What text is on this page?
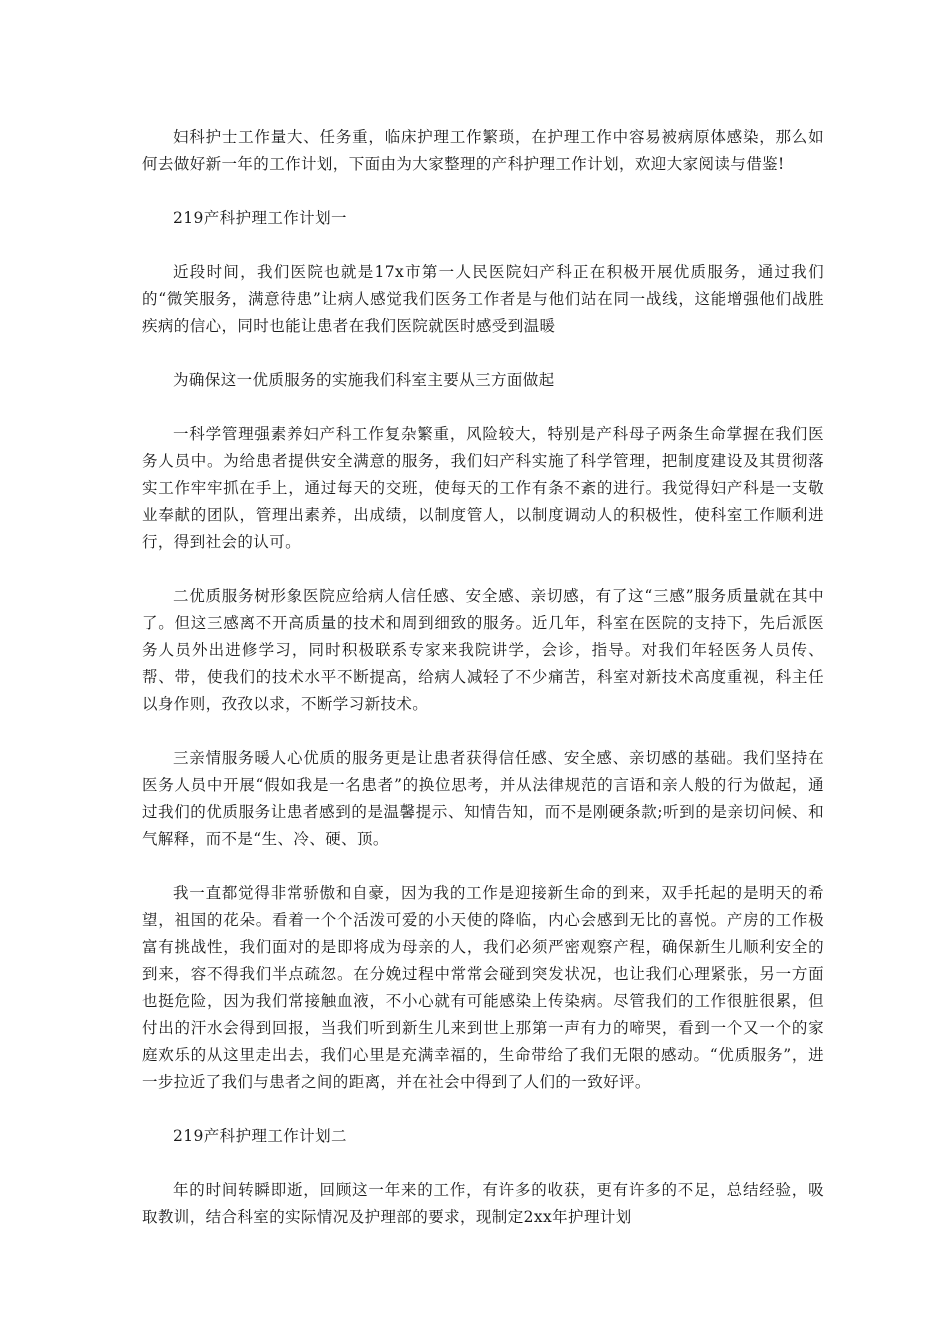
妇科护士工作量大、任务重，临床护理工作繁琐，在护理工作中容易被病原体感染，那么如何去做好新一年的工作计划，下面由为大家整理的产科护理工作计划，欢迎大家阅读与借鉴!

219产科护理工作计划一

近段时间，我们医院也就是17x市第一人民医院妇产科正在积极开展优质服务，通过我们的“微笑服务，满意待患”让病人感觉我们医务工作者是与他们站在同一战线，这能增强他们战胜疾病的信心，同时也能让患者在我们医院就医时感受到温暖

为确保这一优质服务的实施我们科室主要从三方面做起

一科学管理强素养妇产科工作复杂繁重，风险较大，特别是产科母子两条生命掌握在我们医务人员中。为给患者提供安全满意的服务，我们妇产科实施了科学管理，把制度建设及其贯彻落实工作牢牢抓在手上，通过每天的交班，使每天的工作有条不紊的进行。我觉得妇产科是一支敬业奉献的团队，管理出素养，出成绩，以制度管人，以制度调动人的积极性，使科室工作顺利进行，得到社会的认可。

二优质服务树形象医院应给病人信任感、安全感、亲切感，有了这“三感”服务质量就在其中了。但这三感离不开高质量的技术和周到细致的服务。近几年，科室在医院的支持下，先后派医务人员外出进修学习，同时积极联系专家来我院讲学，会诊，指导。对我们年轻医务人员传、帮、带，使我们的技术水平不断提高，给病人减轻了不少痛苦，科室对新技术高度重视，科主任以身作则，孜孜以求，不断学习新技术。

三亲情服务暖人心优质的服务更是让患者获得信任感、安全感、亲切感的基础。我们坚持在医务人员中开展“假如我是一名患者”的换位思考，并从法律规范的言语和亲人般的行为做起，通过我们的优质服务让患者感到的是温馨提示、知情告知，而不是刚硬条款;听到的是亲切问候、和气解释，而不是“生、冷、硬、顶。

我一直都觉得非常骄傲和自豪，因为我的工作是迎接新生命的到来，双手托起的是明天的希望，祖国的花朵。看着一个个活泼可爱的小天使的降临，内心会感到无比的喜悦。产房的工作极富有挑战性，我们面对的是即将成为母亲的人，我们必须严密观察产程，确保新生儿顺利安全的到来，容不得我们半点疏忽。在分娩过程中常常会碰到突发状况，也让我们心理紧张，另一方面也挺危险，因为我们常接触血液，不小心就有可能感染上传染病。尽管我们的工作很脏很累，但付出的汗水会得到回报，当我们听到新生儿来到世上那第一声有力的啼哭，看到一个又一个的家庭欢乐的从这里走出去，我们心里是充满幸福的，生命带给了我们无限的感动。“优质服务”，进一步拉近了我们与患者之间的距离，并在社会中得到了人们的一致好评。

219产科护理工作计划二

年的时间转瞬即逝，回顾这一年来的工作，有许多的收获，更有许多的不足，总结经验，吸取教训，结合科室的实际情况及护理部的要求，现制定2xx年护理计划
